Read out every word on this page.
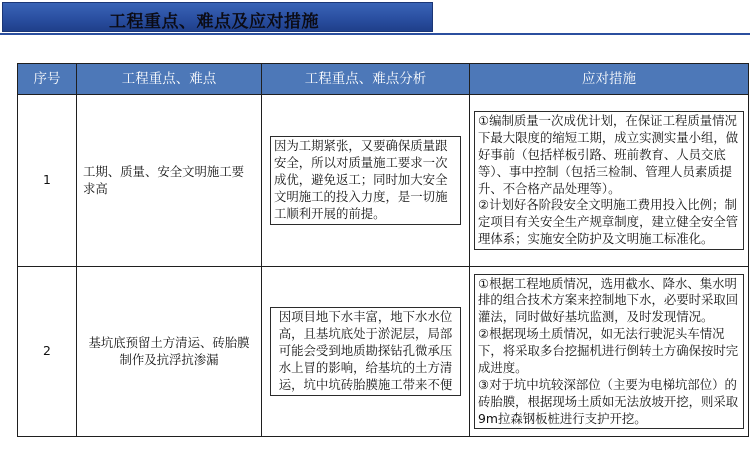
工程重点、难点及应对措施
序号	工程重点、难点	工程重点、难点分析	应对措施
1	工期、质量、安全文明施工要求高	因为工期紧张，又要确保质量跟安全，所以对质量施工要求一次成优，避免返工；同时加大安全文明施工的投入力度，是一切施工顺利开展的前提。	①编制质量一次成优计划，在保证工程质量情况下最大限度的缩短工期，成立实测实量小组，做好事前（包括样板引路、班前教育、人员交底等）、事中控制（包括三检制、管理人员素质提升、不合格产品处理等）。

②计划好各阶段安全文明施工费用投入比例；制定项目有关安全生产规章制度，建立健全安全管理体系；实施安全防护及文明施工标准化。

2	基坑底预留土方清运、砖胎膜制作及抗浮抗渗漏	因项目地下水丰富，地下水水位高，且基坑底处于淤泥层，局部可能会受到地质勘探钻孔微承压水上冒的影响，给基坑的土方清运，坑中坑砖胎膜施工带来不便	①根据工程地质情况，选用截水、降水、集水明排的组合技术方案来控制地下水，必要时采取回灌法，同时做好基坑监测，及时发现情况。

②根据现场土质情况，如无法行驶泥头车情况下，将采取多台挖掘机进行倒转土方确保按时完成进度。

③对于坑中坑较深部位（主要为电梯坑部位）的砖胎膜，根据现场土质如无法放坡开挖，则采取9m拉森钢板桩进行支护开挖。
